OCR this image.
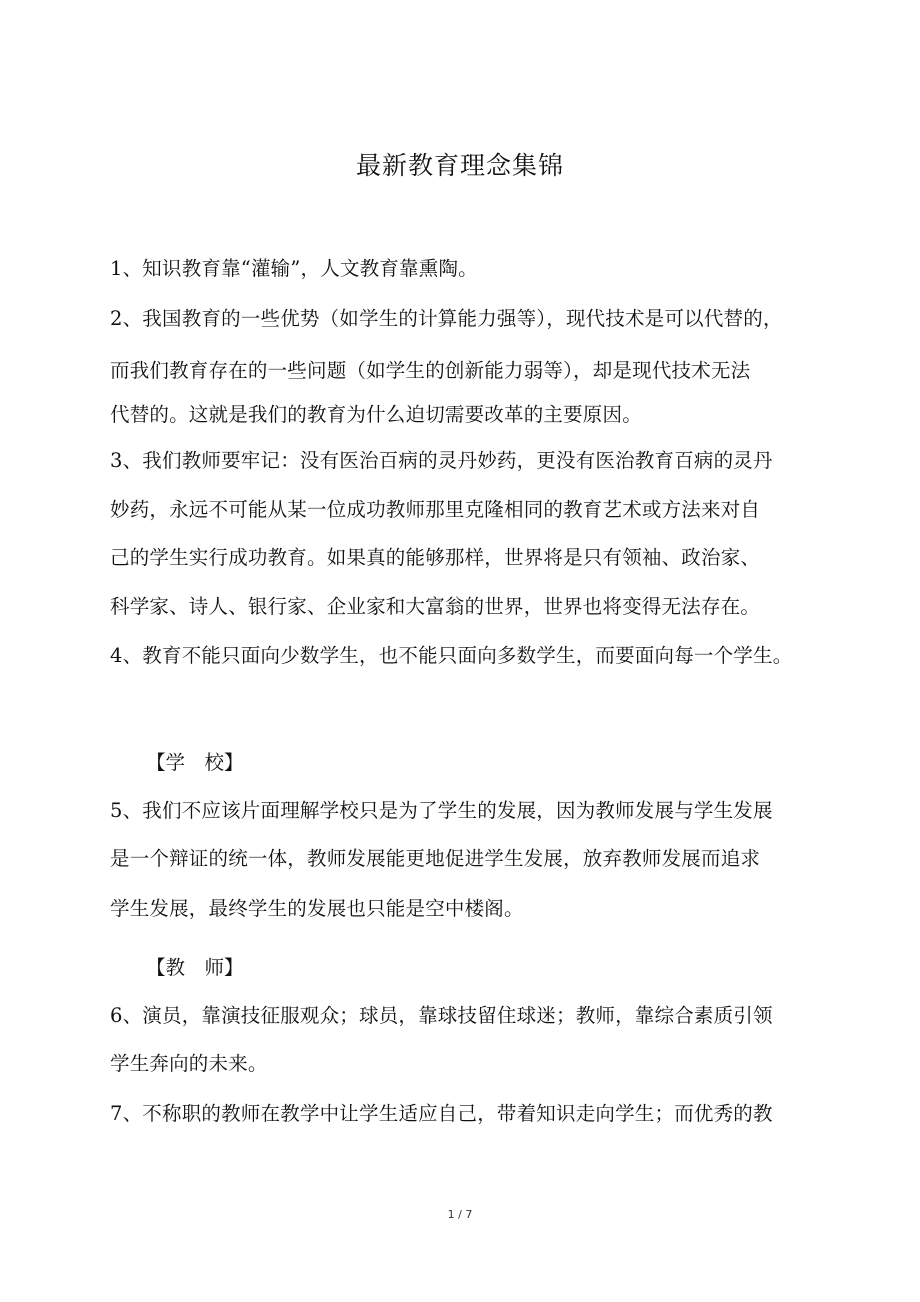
最新教育理念集锦
1、知识教育靠“灌输”，人文教育靠熏陶。
2、我国教育的一些优势（如学生的计算能力强等），现代技术是可以代替的，
而我们教育存在的一些问题（如学生的创新能力弱等），却是现代技术无法
代替的。这就是我们的教育为什么迫切需要改革的主要原因。
3、我们教师要牢记：没有医治百病的灵丹妙药，更没有医治教育百病的灵丹
妙药，永远不可能从某一位成功教师那里克隆相同的教育艺术或方法来对自
己的学生实行成功教育。如果真的能够那样，世界将是只有领袖、政治家、
科学家、诗人、银行家、企业家和大富翁的世界，世界也将变得无法存在。
4、教育不能只面向少数学生，也不能只面向多数学生，而要面向每一个学生。
【学　校】
5、我们不应该片面理解学校只是为了学生的发展，因为教师发展与学生发展
是一个辩证的统一体，教师发展能更地促进学生发展，放弃教师发展而追求
学生发展，最终学生的发展也只能是空中楼阁。
【教　师】
6、演员，靠演技征服观众；球员，靠球技留住球迷；教师，靠综合素质引领
学生奔向的未来。
7、不称职的教师在教学中让学生适应自己，带着知识走向学生；而优秀的教
1 / 7
